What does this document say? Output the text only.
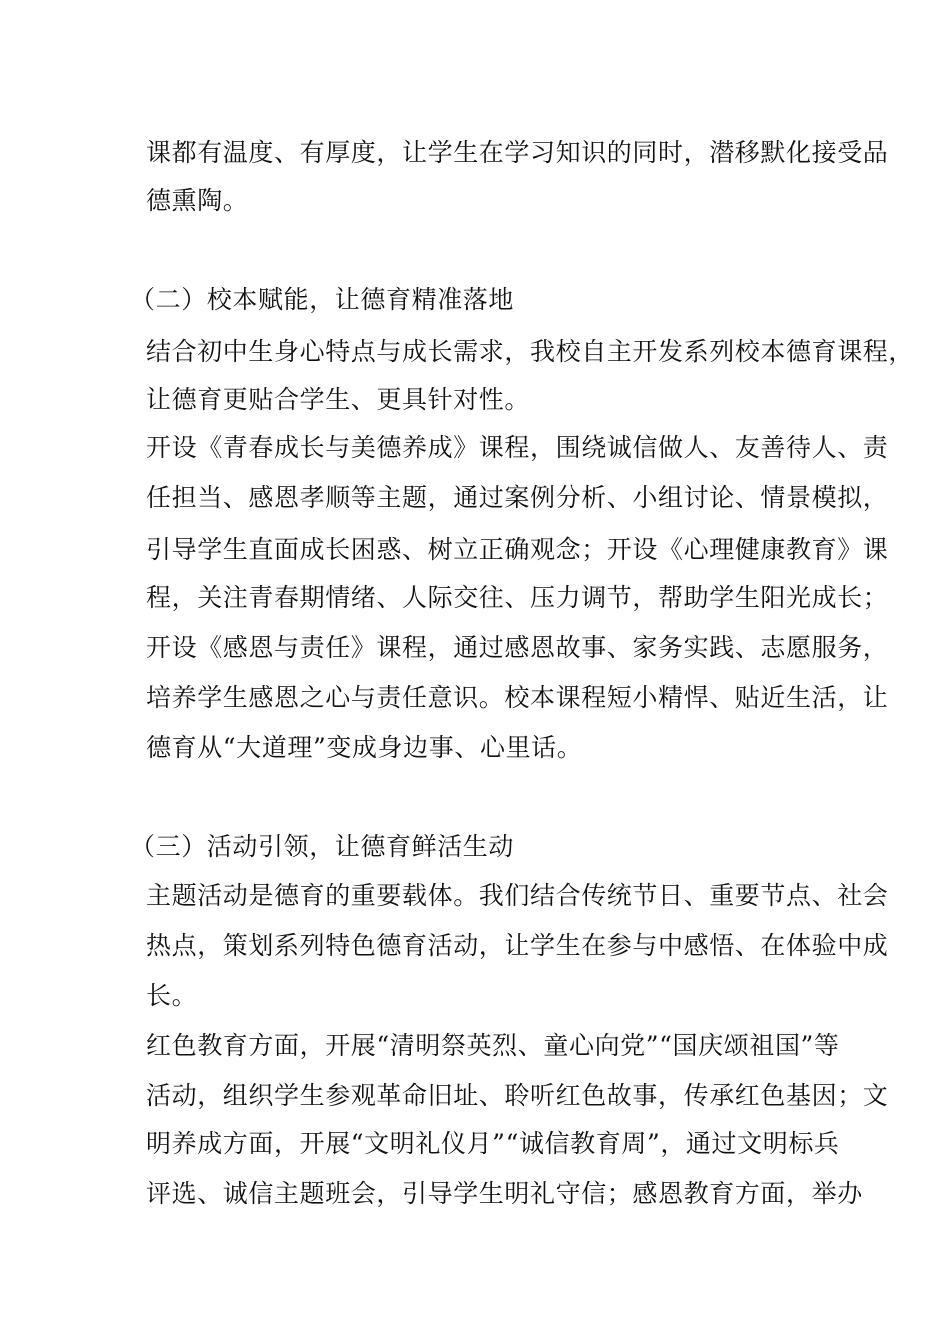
课都有温度、有厚度，让学生在学习知识的同时，潜移默化接受品
德熏陶。
（二）校本赋能，让德育精准落地
结合初中生身心特点与成长需求，我校自主开发系列校本德育课程，
让德育更贴合学生、更具针对性。
开设《青春成长与美德养成》课程，围绕诚信做人、友善待人、责
任担当、感恩孝顺等主题，通过案例分析、小组讨论、情景模拟，
引导学生直面成长困惑、树立正确观念；开设《心理健康教育》课
程，关注青春期情绪、人际交往、压力调节，帮助学生阳光成长；
开设《感恩与责任》课程，通过感恩故事、家务实践、志愿服务，
培养学生感恩之心与责任意识。校本课程短小精悍、贴近生活，让
德育从“大道理”变成身边事、心里话。
（三）活动引领，让德育鲜活生动
主题活动是德育的重要载体。我们结合传统节日、重要节点、社会
热点，策划系列特色德育活动，让学生在参与中感悟、在体验中成
长。
红色教育方面，开展“清明祭英烈、童心向党”“国庆颂祖国”等
活动，组织学生参观革命旧址、聆听红色故事，传承红色基因；文
明养成方面，开展“文明礼仪月”“诚信教育周”，通过文明标兵
评选、诚信主题班会，引导学生明礼守信；感恩教育方面，举办
